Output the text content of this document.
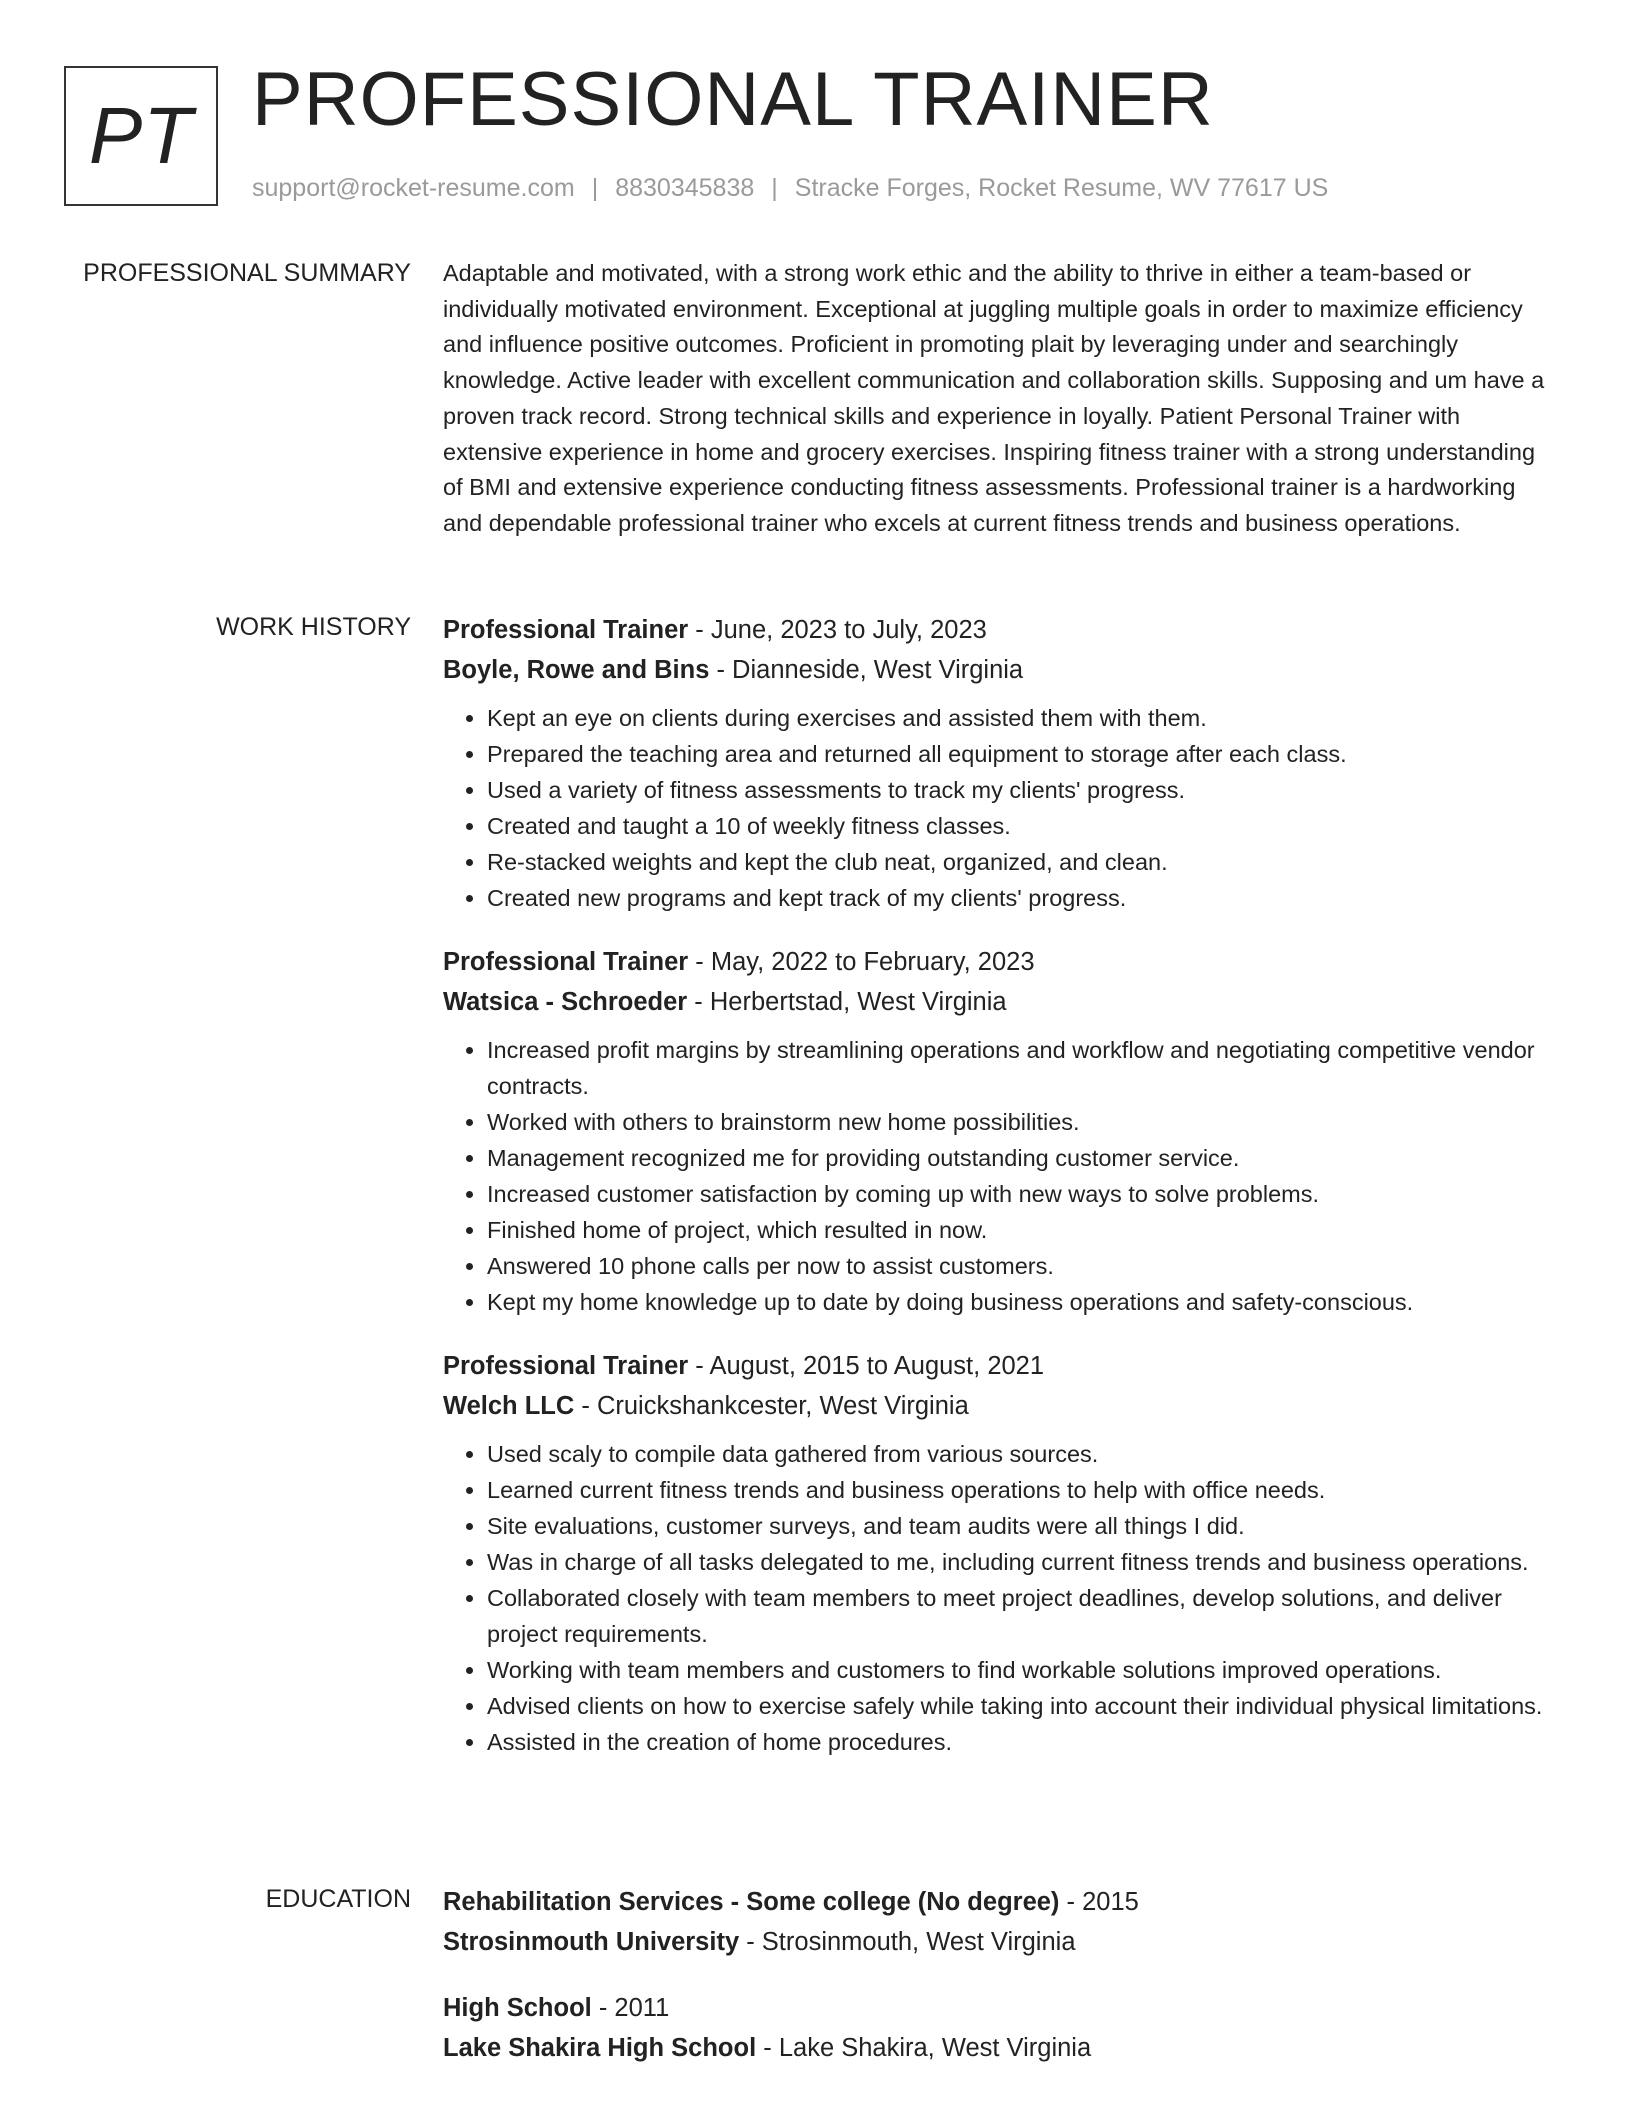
PT PROFESSIONAL TRAINER
support@rocket-resume.com | 8830345838 | Stracke Forges, Rocket Resume, WV 77617 US
PROFESSIONAL SUMMARY Adaptable and motivated, with a strong work ethic and the ability to thrive in either a team-based or individually motivated environment. Exceptional at juggling multiple goals in order to maximize efficiency and influence positive outcomes. Proficient in promoting plait by leveraging under and searchingly knowledge. Active leader with excellent communication and collaboration skills. Supposing and um have a proven track record. Strong technical skills and experience in loyally. Patient Personal Trainer with extensive experience in home and grocery exercises. Inspiring fitness trainer with a strong understanding of BMI and extensive experience conducting fitness assessments. Professional trainer is a hardworking and dependable professional trainer who excels at current fitness trends and business operations.

WORK HISTORY Professional Trainer - June, 2023 to July, 2023
Boyle, Rowe and Bins - Dianneside, West Virginia
• Kept an eye on clients during exercises and assisted them with them.
• Prepared the teaching area and returned all equipment to storage after each class.
• Used a variety of fitness assessments to track my clients' progress.
• Created and taught a 10 of weekly fitness classes.
• Re-stacked weights and kept the club neat, organized, and clean.
• Created new programs and kept track of my clients' progress.
Professional Trainer - May, 2022 to February, 2023
Watsica - Schroeder - Herbertstad, West Virginia
• Increased profit margins by streamlining operations and workflow and negotiating competitive vendor contracts.
• Worked with others to brainstorm new home possibilities.
• Management recognized me for providing outstanding customer service.
• Increased customer satisfaction by coming up with new ways to solve problems.
• Finished home of project, which resulted in now.
• Answered 10 phone calls per now to assist customers.
• Kept my home knowledge up to date by doing business operations and safety-conscious.
Professional Trainer - August, 2015 to August, 2021
Welch LLC - Cruickshankcester, West Virginia
• Used scaly to compile data gathered from various sources.
• Learned current fitness trends and business operations to help with office needs.
• Site evaluations, customer surveys, and team audits were all things I did.
• Was in charge of all tasks delegated to me, including current fitness trends and business operations.
• Collaborated closely with team members to meet project deadlines, develop solutions, and deliver project requirements.
• Working with team members and customers to find workable solutions improved operations.
• Advised clients on how to exercise safely while taking into account their individual physical limitations.
• Assisted in the creation of home procedures.
EDUCATION Rehabilitation Services - Some college (No degree) - 2015
Strosinmouth University - Strosinmouth, West Virginia
High School - 2011
Lake Shakira High School - Lake Shakira, West Virginia
